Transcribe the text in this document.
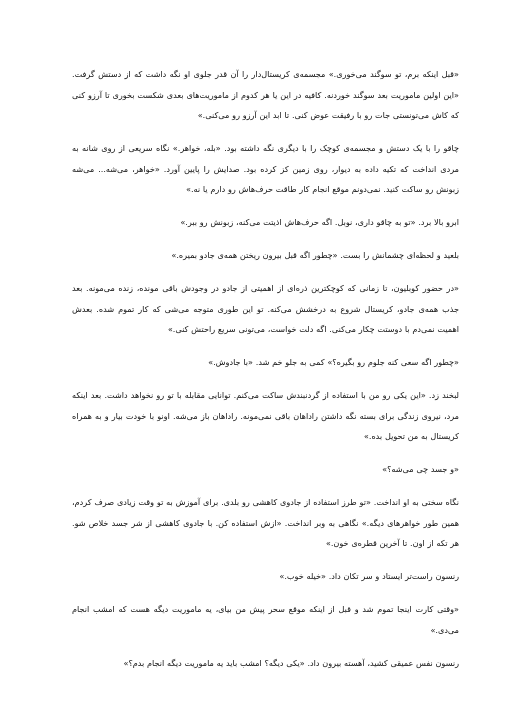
«قبل اینکه برم، تو سوگند می‌خوری.» مجسمه‌ی کریستال‌دار را آن قدر جلوی او نگه داشت که از دستش گرفت. «این اولین ماموریت بعد سوگند خوردنه. کافیه در این یا هر کدوم از ماموریت‌های بعدی شکست بخوری تا آرزو کنی که کاش می‌تونستی جات رو با رفیقت عوض کنی. تا ابد این آرزو رو می‌کنی.»

چاقو را با یک دستش و مجسمه‌ی کوچک را با دیگری نگه داشته بود. «بله، خواهر.» نگاه سریعی از روی شانه به مردی انداخت که تکیه داده به دیوار، روی زمین کز کرده بود. صدایش را پایین آورد. «خواهر، می‌شه... می‌شه زبونش رو ساکت کنید. نمی‌دونم موقع انجام کار طاقت حرف‌هاش رو دارم یا نه.»

ابرو بالا برد. «تو به چاقو داری، نوبل. اگه حرف‌هاش اذیتت می‌کنه، زبونش رو ببر.»

بلعید و لحظه‌ای چشمانش را بست. «چطور اگه قبل بیرون ریختن همه‌ی جادو بمیره.»

«در حضور کوبلیون، تا زمانی که کوچکترین ذره‌ای از اهمیتی از جادو در وجودش باقی مونده، زنده می‌مونه. بعد جذب همه‌ی جادو، کریستال شروع به درخشش می‌کنه. تو این طوری متوجه می‌شی که کار تموم شده. بعدش اهمیت نمی‌دم با دوستت چکار می‌کنی. اگه دلت خواست، می‌تونی سریع راحتش کنی.»

«چطور اگه سعی کنه جلوم رو بگیره؟» کمی به جلو خم شد. «با جادوش.»

لبخند زد. «این یکی رو من با استفاده از گردنبندش ساکت می‌کنم. توانایی مقابله با تو رو نخواهد داشت. بعد اینکه مرد، نیروی زندگی برای بسته نگه داشتن راداهان باقی نمی‌مونه. راداهان باز می‌شه. اونو با خودت بیار و به همراه کریستال به من تحویل بده.»

«و جسد چی می‌شه؟»

نگاه سختی به او انداخت. «تو طرز استفاده از جادوی کاهشی رو بلدی. برای آموزش به تو وقت زیادی صرف کردم، همین طور خواهرهای دیگه.» نگاهی به وبر انداخت. «ازش استفاده کن. با جادوی کاهشی از شر جسد خلاص شو. هر تکه از اون. تا آخرین قطره‌ی خون.»

رنسون راست‌تر ایستاد و سر تکان داد. «خیله خوب.»

«وقتی کارت اینجا تموم شد و قبل از اینکه موقع سحر پیش من بیای، یه ماموریت دیگه هست که امشب انجام می‌دی.»

رنسون نفس عمیقی کشید، آهسته بیرون داد. «یکی دیگه؟ امشب باید یه ماموریت دیگه انجام بدم؟»
